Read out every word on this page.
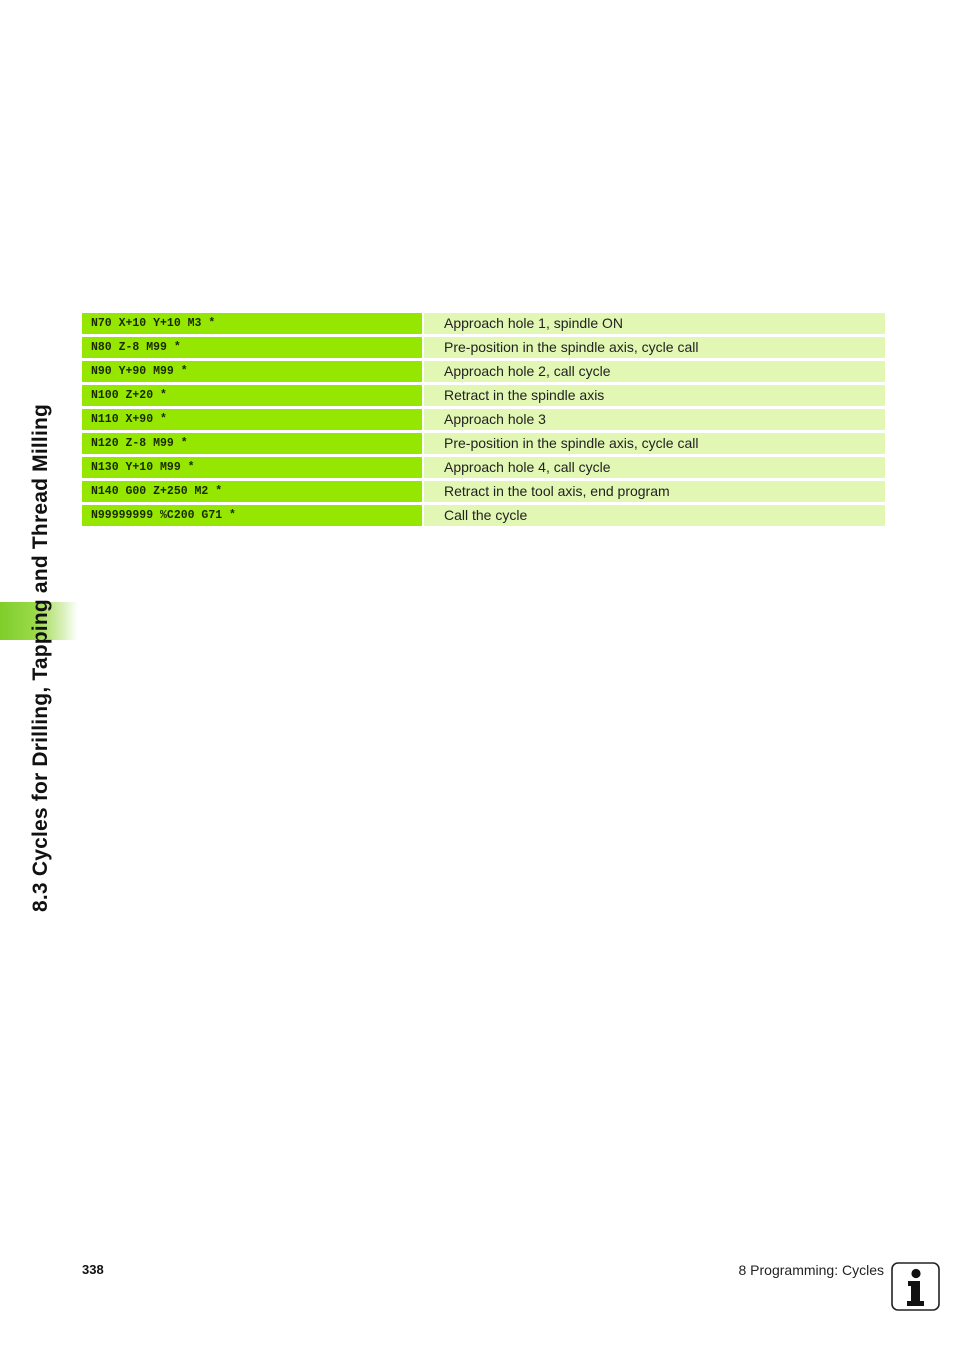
8.3 Cycles for Drilling, Tapping and Thread Milling
N70 X+10 Y+10 M3 *	Approach hole 1, spindle ON
N80 Z-8 M99 *	Pre-position in the spindle axis, cycle call
N90 Y+90 M99 *	Approach hole 2, call cycle
N100 Z+20 *	Retract in the spindle axis
N110 X+90 *	Approach hole 3
N120 Z-8 M99 *	Pre-position in the spindle axis, cycle call
N130 Y+10 M99 *	Approach hole 4, call cycle
N140 G00 Z+250 M2 *	Retract in the tool axis, end program
N99999999 %C200 G71 *	Call the cycle
338	8 Programming: Cycles
